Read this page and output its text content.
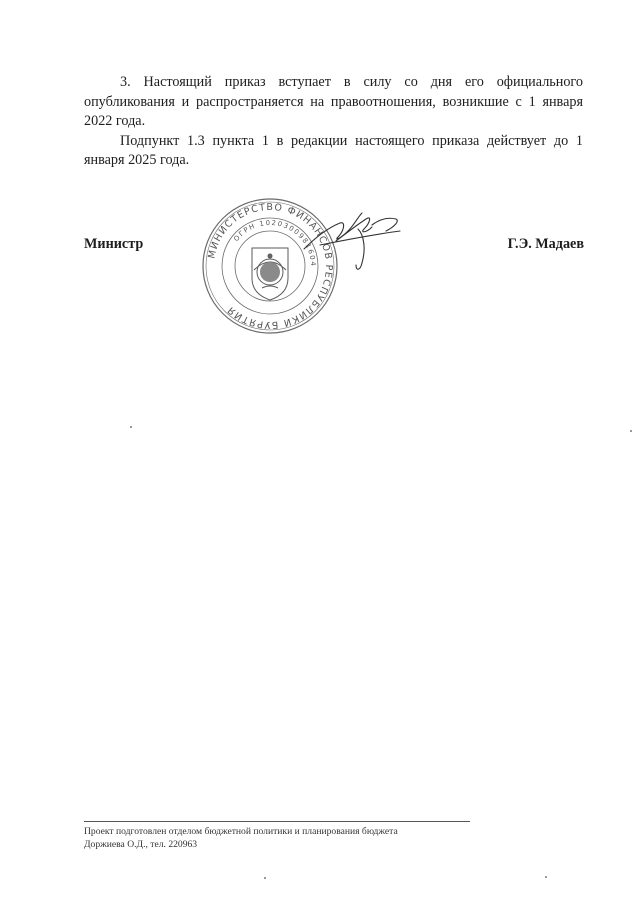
3. Настоящий приказ вступает в силу со дня его официального опубликования и распространяется на правоотношения, возникшие с 1 января 2022 года.

Подпункт 1.3 пункта 1 в редакции настоящего приказа действует до 1 января 2025 года.

МИНИСТЕРСТВО ФИНАНСОВ РЕСПУБЛИКИ БУРЯТИЯ
ОГРН 1020300981604
Министр	Г.Э. Мадаев
Проект подготовлен отделом бюджетной политики и планирования бюджета
Доржиева О.Д., тел. 220963
